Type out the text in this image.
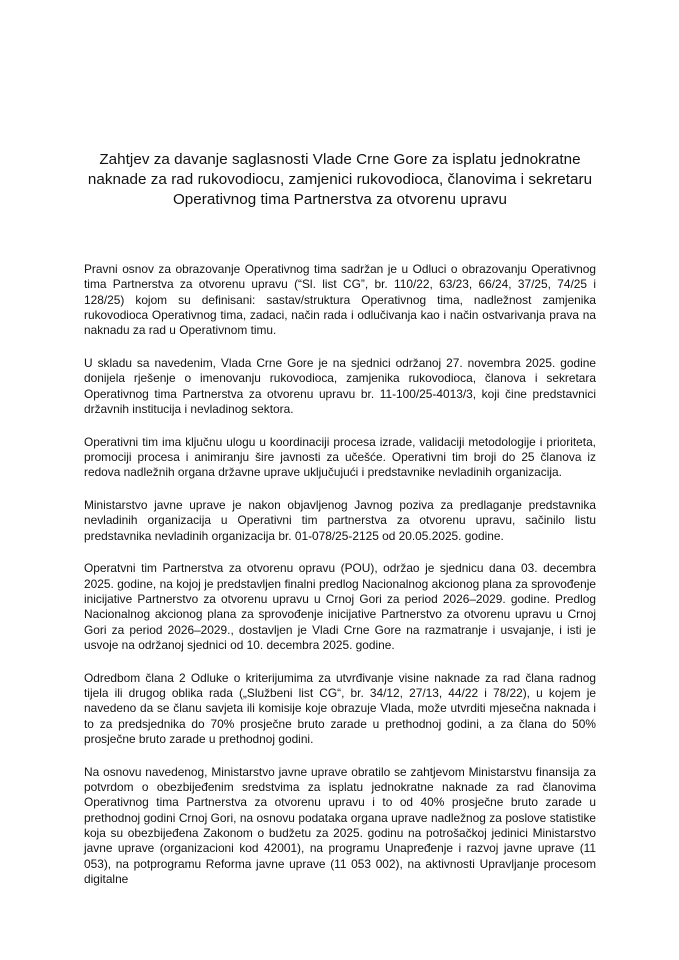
Zahtjev za davanje saglasnosti Vlade Crne Gore za isplatu jednokratne
naknade za rad rukovodiocu, zamjenici rukovodioca, članovima i sekretaru
Operativnog tima Partnerstva za otvorenu upravu

Pravni osnov za obrazovanje Operativnog tima sadržan je u Odluci o obrazovanju Operativnog tima Partnerstva za otvorenu upravu (“Sl. list CG”, br. 110/22, 63/23, 66/24, 37/25, 74/25 i 128/25) kojom su definisani: sastav/struktura Operativnog tima, nadležnost zamjenika rukovodioca Operativnog tima, zadaci, način rada i odlučivanja kao i način ostvarivanja prava na naknadu za rad u Operativnom timu.

U skladu sa navedenim, Vlada Crne Gore je na sjednici održanoj 27. novembra 2025. godine donijela rješenje o imenovanju rukovodioca, zamjenika rukovodioca, članova i sekretara Operativnog tima Partnerstva za otvorenu upravu br. 11-100/25-4013/3, koji čine predstavnici državnih institucija i nevladinog sektora.

Operativni tim ima ključnu ulogu u koordinaciji procesa izrade, validaciji metodologije i prioriteta, promociji procesa i animiranju šire javnosti za učešće. Operativni tim broji do 25 članova iz redova nadležnih organa državne uprave uključujući i predstavnike nevladinih organizacija.

Ministarstvo javne uprave je nakon objavljenog Javnog poziva za predlaganje predstavnika nevladinih organizacija u Operativni tim partnerstva za otvorenu upravu, sačinilo listu predstavnika nevladinih organizacija br. 01-078/25-2125 od 20.05.2025. godine.

Operatvni tim Partnerstva za otvorenu opravu (POU), održao je sjednicu dana 03. decembra 2025. godine, na kojoj je predstavljen finalni predlog Nacionalnog akcionog plana za sprovođenje inicijative Partnerstvo za otvorenu upravu u Crnoj Gori za period 2026–2029. godine. Predlog Nacionalnog akcionog plana za sprovođenje inicijative Partnerstvo za otvorenu upravu u Crnoj Gori za period 2026–2029., dostavljen je Vladi Crne Gore na razmatranje i usvajanje, i isti je usvoje na održanoj sjednici od 10. decembra 2025. godine.

Odredbom člana 2 Odluke o kriterijumima za utvrđivanje visine naknade za rad člana radnog tijela ili drugog oblika rada („Službeni list CG“, br. 34/12, 27/13, 44/22 i 78/22), u kojem je navedeno da se članu savjeta ili komisije koje obrazuje Vlada, može utvrditi mjesečna naknada i to za predsjednika do 70% prosječne bruto zarade u prethodnoj godini, a za člana do 50% prosječne bruto zarade u prethodnoj godini.

Na osnovu navedenog, Ministarstvo javne uprave obratilo se zahtjevom Ministarstvu finansija za potvrdom o obezbijeđenim sredstvima za isplatu jednokratne naknade za rad članovima Operativnog tima Partnerstva za otvorenu upravu i to od 40% prosječne bruto zarade u prethodnoj godini Crnoj Gori, na osnovu podataka organa uprave nadležnog za poslove statistike koja su obezbijeđena Zakonom o budžetu za 2025. godinu na potrošačkoj jedinici Ministarstvo javne uprave (organizacioni kod 42001), na programu Unapređenje i razvoj javne uprave (11 053), na potprogramu Reforma javne uprave (11 053 002), na aktivnosti Upravljanje procesom digitalne
